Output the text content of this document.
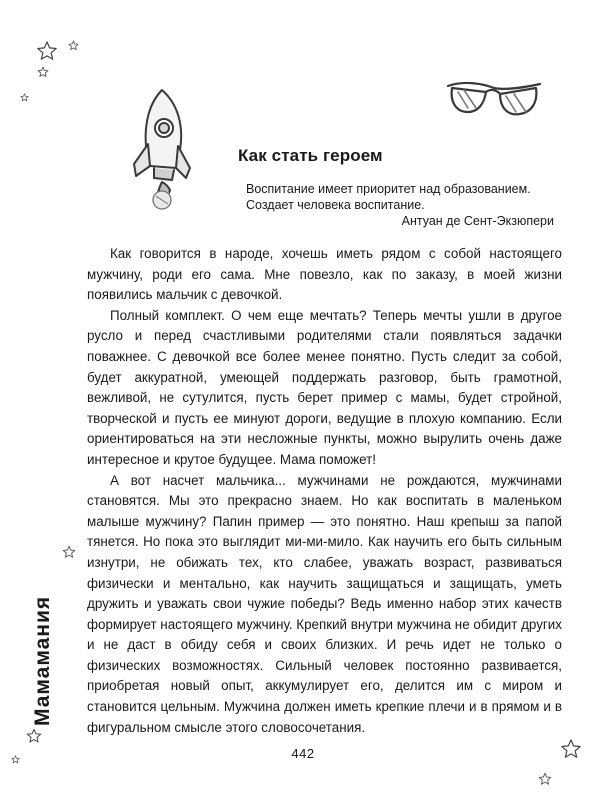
Как стать героем
Воспитание имеет приоритет над образованием.
Создает человека воспитание.
Антуан де Сент-Экзюпери

Как говорится в народе, хочешь иметь рядом с собой настоящего мужчину, роди его сама. Мне повезло, как по заказу, в моей жизни появились мальчик с девочкой.

Полный комплект. О чем еще мечтать? Теперь мечты ушли в другое русло и перед счастливыми родителями стали появляться задачки поважнее. С девочкой все более менее понятно. Пусть следит за собой, будет аккуратной, умеющей поддержать разговор, быть грамотной, вежливой, не сутулится, пусть берет пример с мамы, будет стройной, творческой и пусть ее минуют дороги, ведущие в плохую компанию. Если ориентироваться на эти несложные пункты, можно вырулить очень даже интересное и крутое будущее. Мама поможет!

А вот насчет мальчика... мужчинами не рождаются, мужчинами становятся. Мы это прекрасно знаем. Но как воспитать в маленьком малыше мужчину? Папин пример — это понятно. Наш крепыш за папой тянется. Но пока это выглядит ми-ми-мило. Как научить его быть сильным изнутри, не обижать тех, кто слабее, уважать возраст, развиваться физически и ментально, как научить защищаться и защищать, уметь дружить и уважать свои чужие победы? Ведь именно набор этих качеств формирует настоящего мужчину. Крепкий внутри мужчина не обидит других и не даст в обиду себя и своих близких. И речь идет не только о физических возможностях. Сильный человек постоянно развивается, приобретая новый опыт, аккумулирует его, делится им с миром и становится цельным. Мужчина должен иметь крепкие плечи и в прямом и в фигуральном смысле этого словосочетания.

442
Мамамания
